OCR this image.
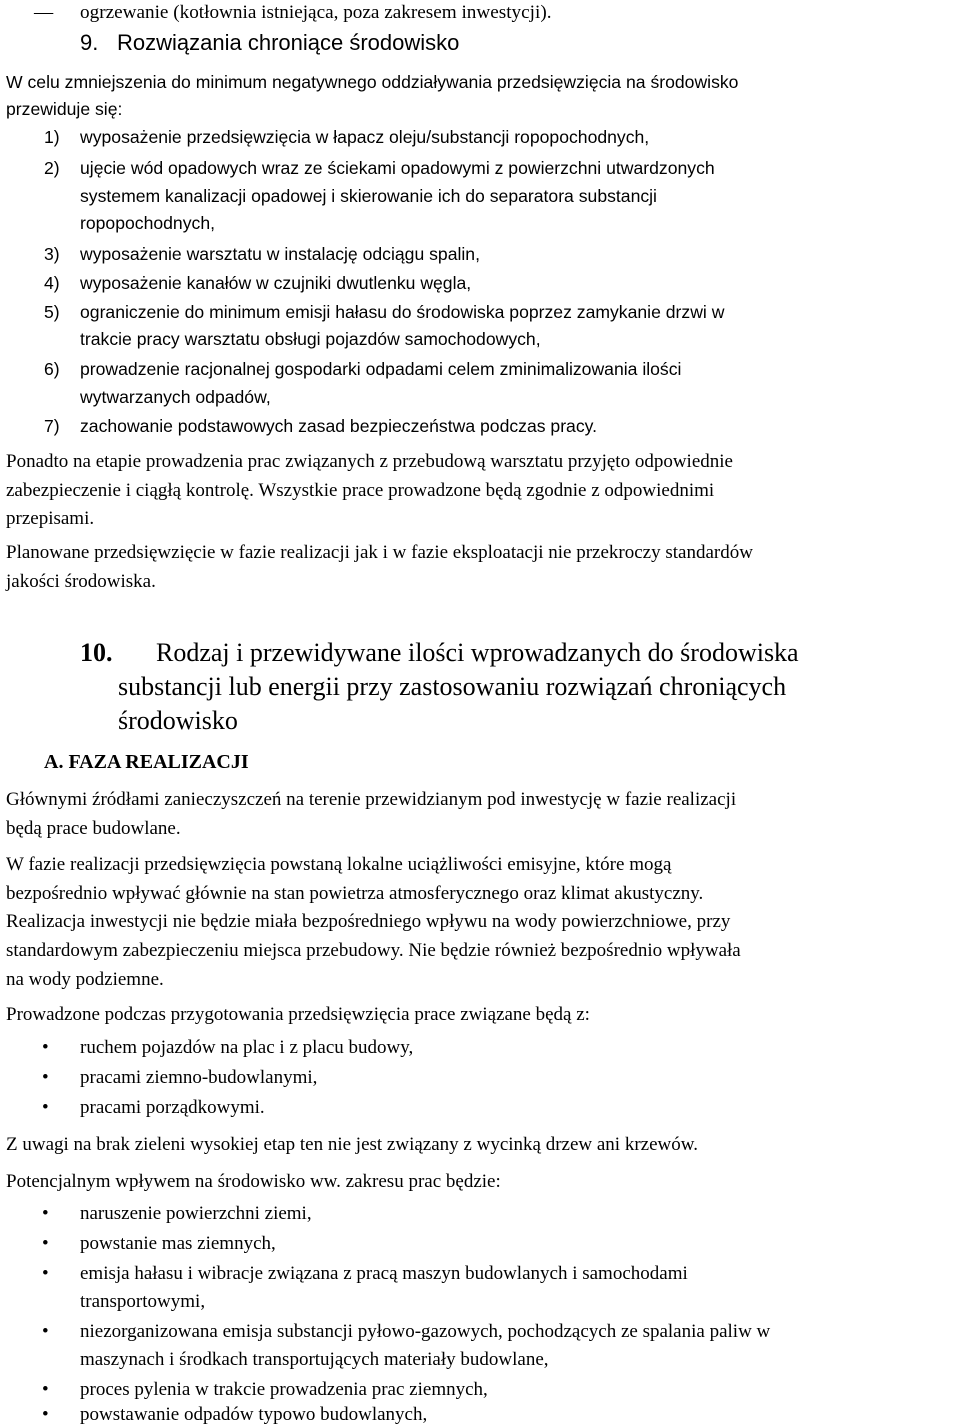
— ogrzewanie (kotłownia istniejąca, poza zakresem inwestycji).
9. Rozwiązania chroniące środowisko
W celu zmniejszenia do minimum negatywnego oddziaływania przedsięwzięcia na środowisko
przewiduje się:
1) wyposażenie przedsięwzięcia w łapacz oleju/substancji ropopochodnych,
2) ujęcie wód opadowych wraz ze ściekami opadowymi z powierzchni utwardzonych
systemem kanalizacji opadowej i skierowanie ich do separatora substancji
ropopochodnych,
3) wyposażenie warsztatu w instalację odciągu spalin,
4) wyposażenie kanałów w czujniki dwutlenku węgla,
5) ograniczenie do minimum emisji hałasu do środowiska poprzez zamykanie drzwi w
trakcie pracy warsztatu obsługi pojazdów samochodowych,
6) prowadzenie racjonalnej gospodarki odpadami celem zminimalizowania ilości
wytwarzanych odpadów,
7) zachowanie podstawowych zasad bezpieczeństwa podczas pracy.
Ponadto na etapie prowadzenia prac związanych z przebudową warsztatu przyjęto odpowiednie
zabezpieczenie i ciągłą kontrolę. Wszystkie prace prowadzone będą zgodnie z odpowiednimi
przepisami.
Planowane przedsięwzięcie w fazie realizacji jak i w fazie eksploatacji nie przekroczy standardów
jakości środowiska.
10. Rodzaj i przewidywane ilości wprowadzanych do środowiska
substancji lub energii przy zastosowaniu rozwiązań chroniących
środowisko
A. FAZA REALIZACJI
Głównymi źródłami zanieczyszczeń na terenie przewidzianym pod inwestycję w fazie realizacji
będą prace budowlane.
W fazie realizacji przedsięwzięcia powstaną lokalne uciążliwości emisyjne, które mogą
bezpośrednio wpływać głównie na stan powietrza atmosferycznego oraz klimat akustyczny.
Realizacja inwestycji nie będzie miała bezpośredniego wpływu na wody powierzchniowe, przy
standardowym zabezpieczeniu miejsca przebudowy. Nie będzie również bezpośrednio wpływała
na wody podziemne.
Prowadzone podczas przygotowania przedsięwzięcia prace związane będą z:
• ruchem pojazdów na plac i z placu budowy,
• pracami ziemno-budowlanymi,
• pracami porządkowymi.
Z uwagi na brak zieleni wysokiej etap ten nie jest związany z wycinką drzew ani krzewów.
Potencjalnym wpływem na środowisko ww. zakresu prac będzie:
• naruszenie powierzchni ziemi,
• powstanie mas ziemnych,
• emisja hałasu i wibracje związana z pracą maszyn budowlanych i samochodami
transportowymi,
• niezorganizowana emisja substancji pyłowo-gazowych, pochodzących ze spalania paliw w
maszynach i środkach transportujących materiały budowlane,
• proces pylenia w trakcie prowadzenia prac ziemnych,
• powstawanie odpadów typowo budowlanych,
